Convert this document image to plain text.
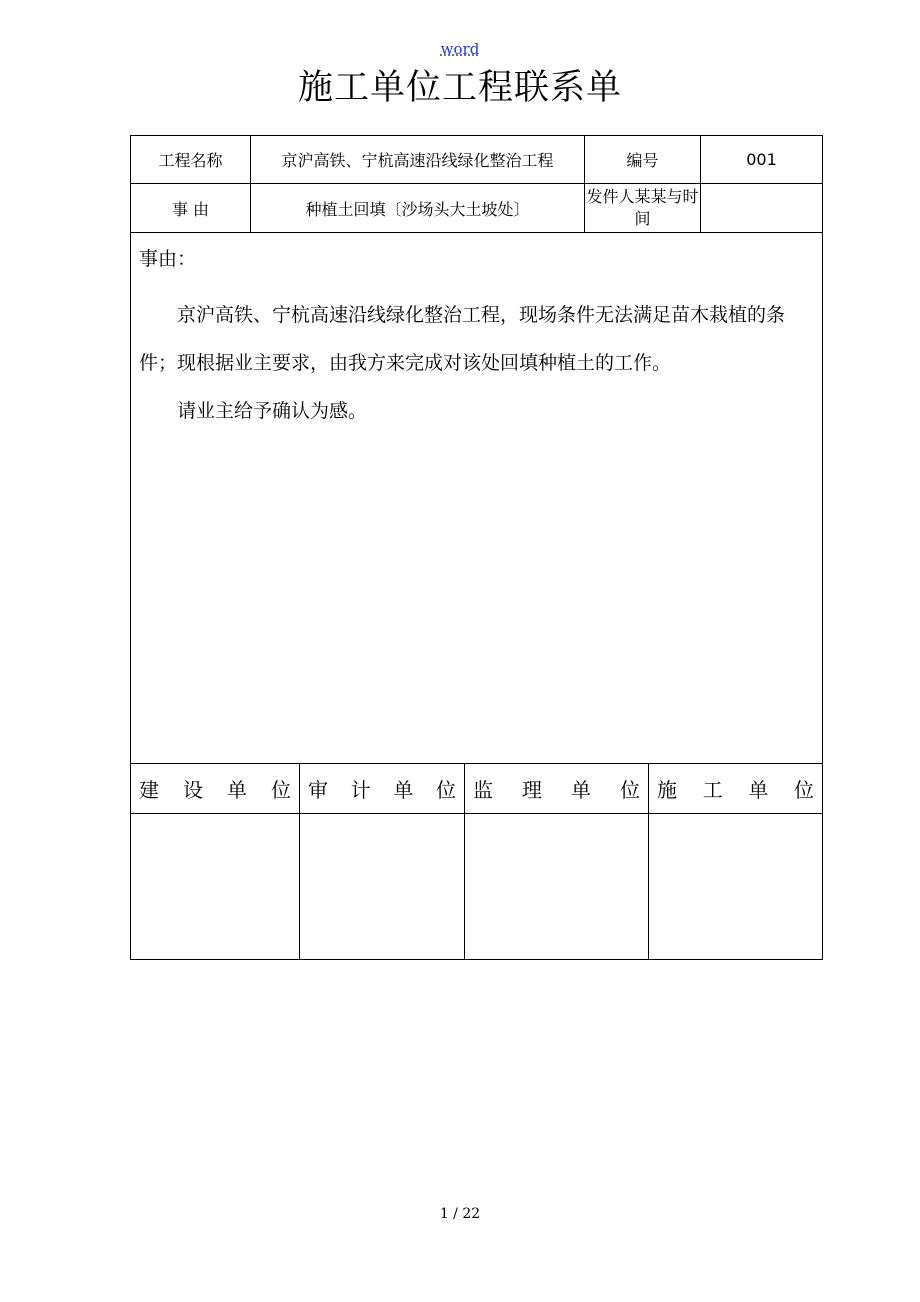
word
施工单位工程联系单
工程名称	京沪高铁、宁杭高速沿线绿化整治工程			编号		001
事 由	种植土回填〔沙场头大土坡处〕			发件人某某与时间		

事由：

京沪高铁、宁杭高速沿线绿化整治工程，现场条件无法满足苗木栽植的条件；现根据业主要求，由我方来完成对该处回填种植土的工作。

请业主给予确认为感。						

建 设 单 位		审 计 单 位	监 理 单 位		施 工 单 位	

1 / 22
